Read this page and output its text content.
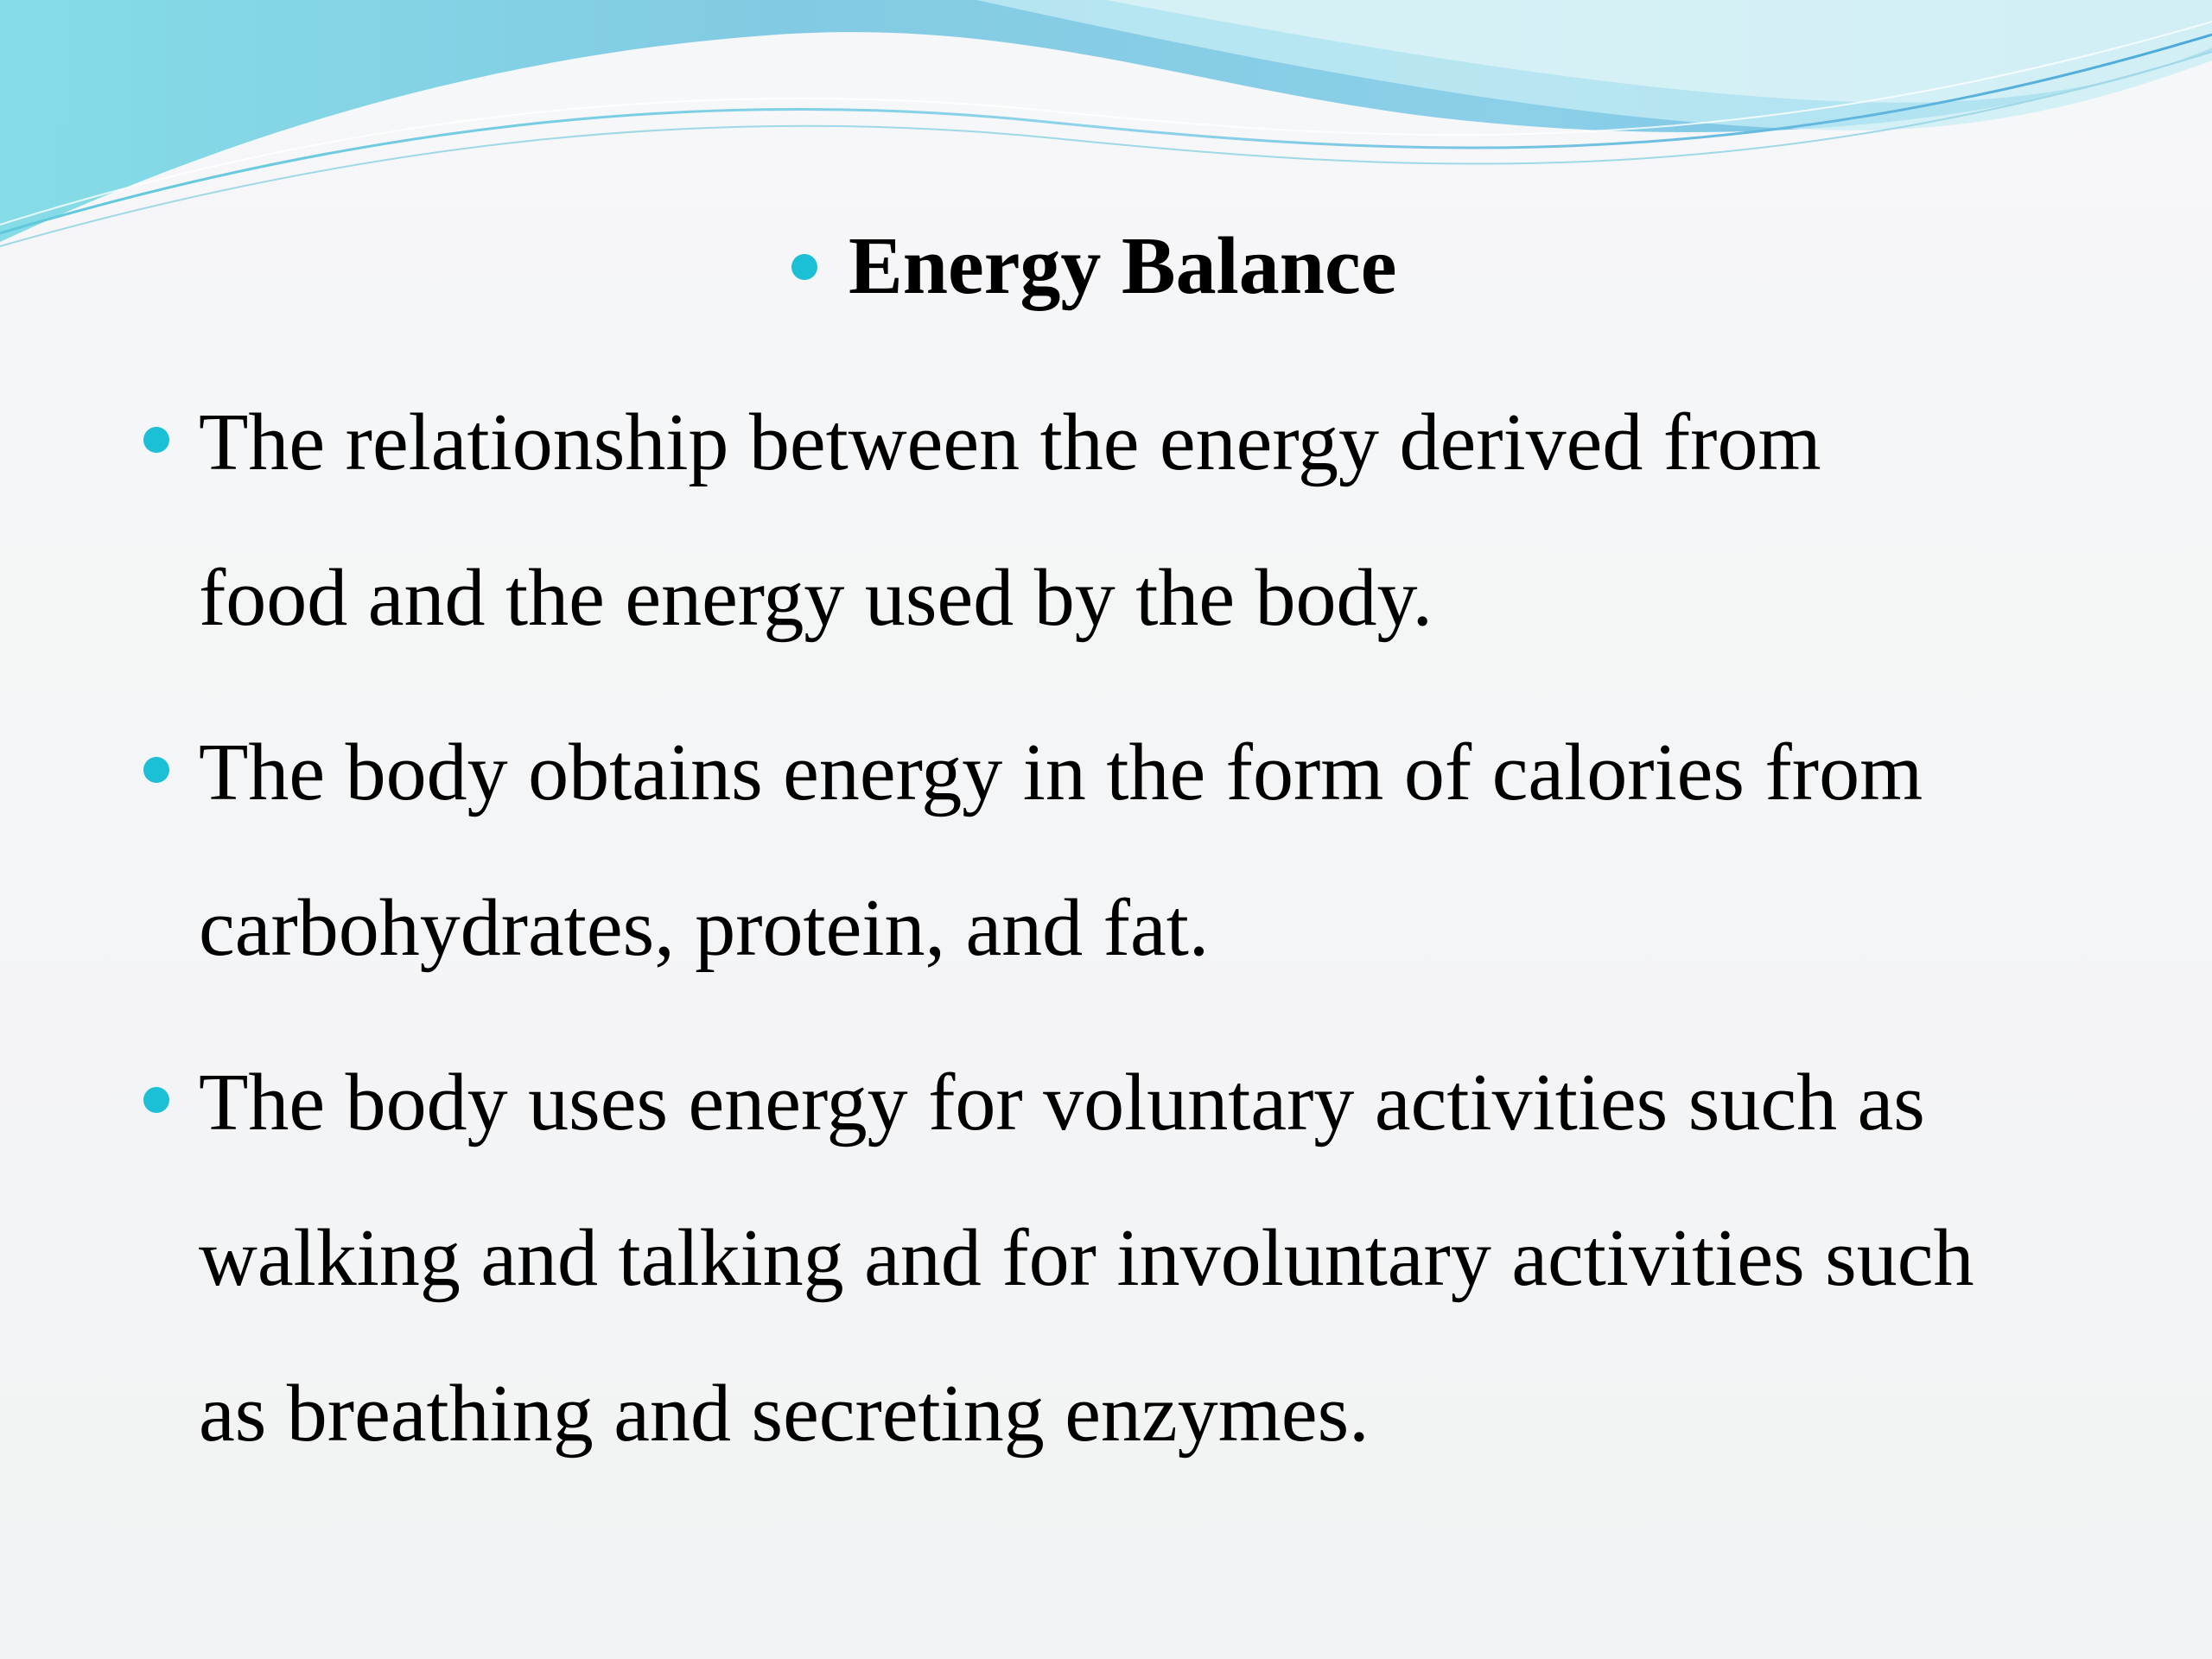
Energy Balance
The relationship between the energy derived from
food and the energy used by the body.
The body obtains energy in the form of calories from
carbohydrates, protein, and fat.
The body uses energy for voluntary activities such as
walking and talking and for involuntary activities such
as breathing and secreting enzymes.
